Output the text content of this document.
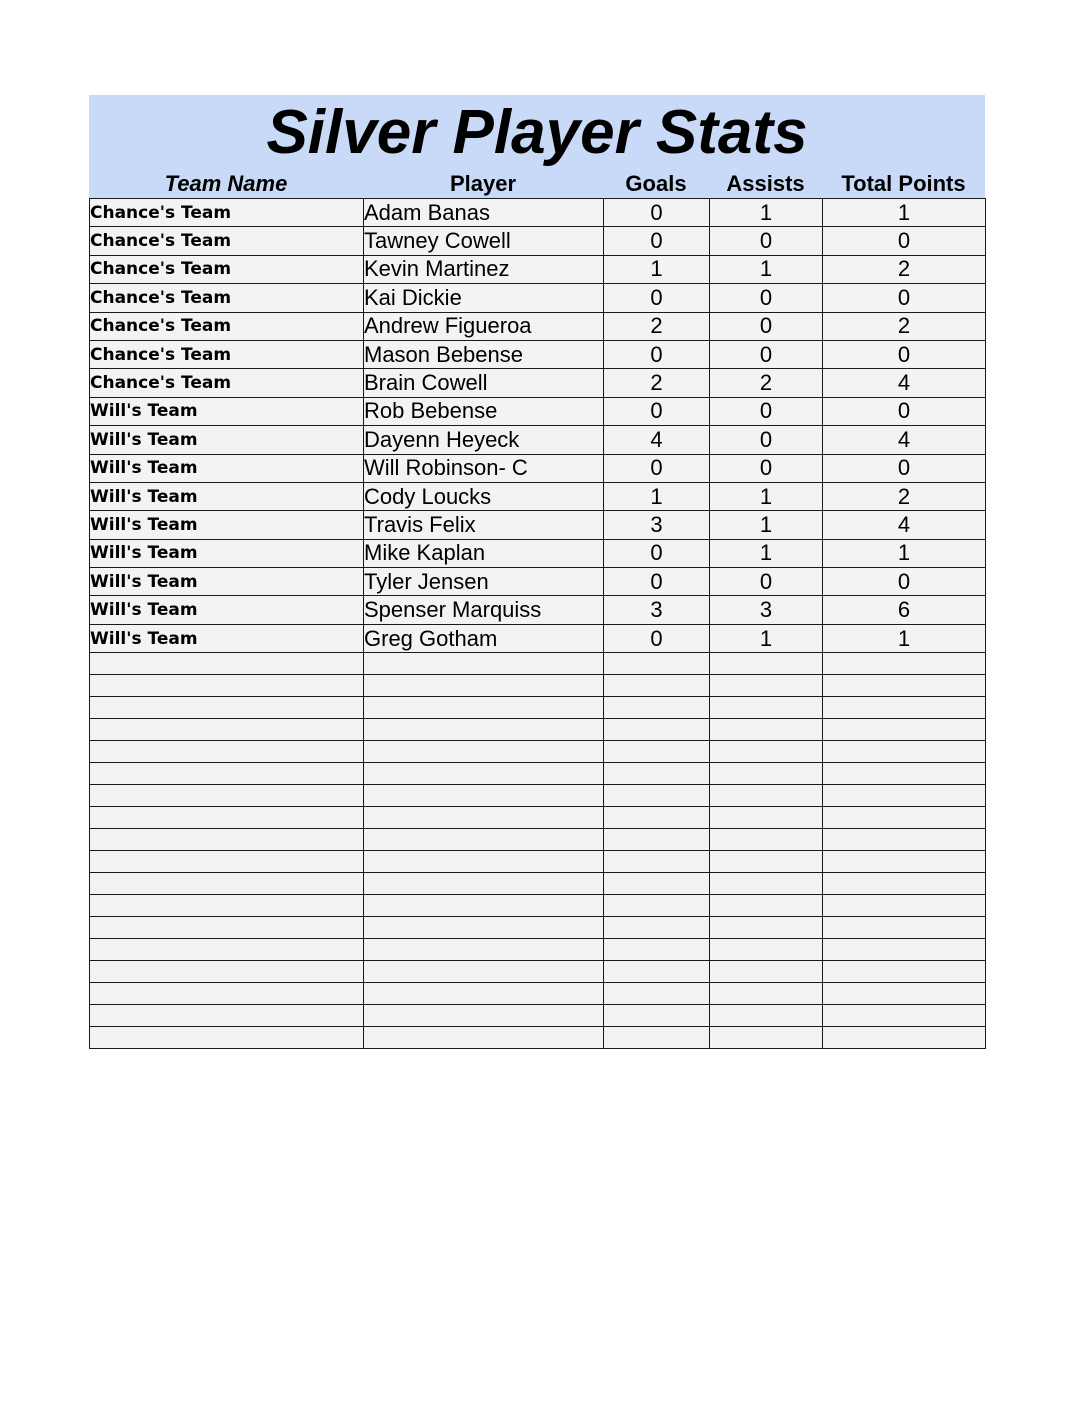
Silver Player Stats
Team Name	Player	Goals	Assists	Total Points
Chance's Team	Adam Banas	0	1	1
Chance's Team	Tawney Cowell	0	0	0
Chance's Team	Kevin Martinez	1	1	2
Chance's Team	Kai Dickie	0	0	0
Chance's Team	Andrew Figueroa	2	0	2
Chance's Team	Mason Bebense	0	0	0
Chance's Team	Brain Cowell	2	2	4
Will's Team	Rob Bebense	0	0	0
Will's Team	Dayenn Heyeck	4	0	4
Will's Team	Will Robinson- C	0	0	0
Will's Team	Cody Loucks	1	1	2
Will's Team	Travis Felix	3	1	4
Will's Team	Mike Kaplan	0	1	1
Will's Team	Tyler Jensen	0	0	0
Will's Team	Spenser Marquiss	3	3	6
Will's Team	Greg Gotham	0	1	1
